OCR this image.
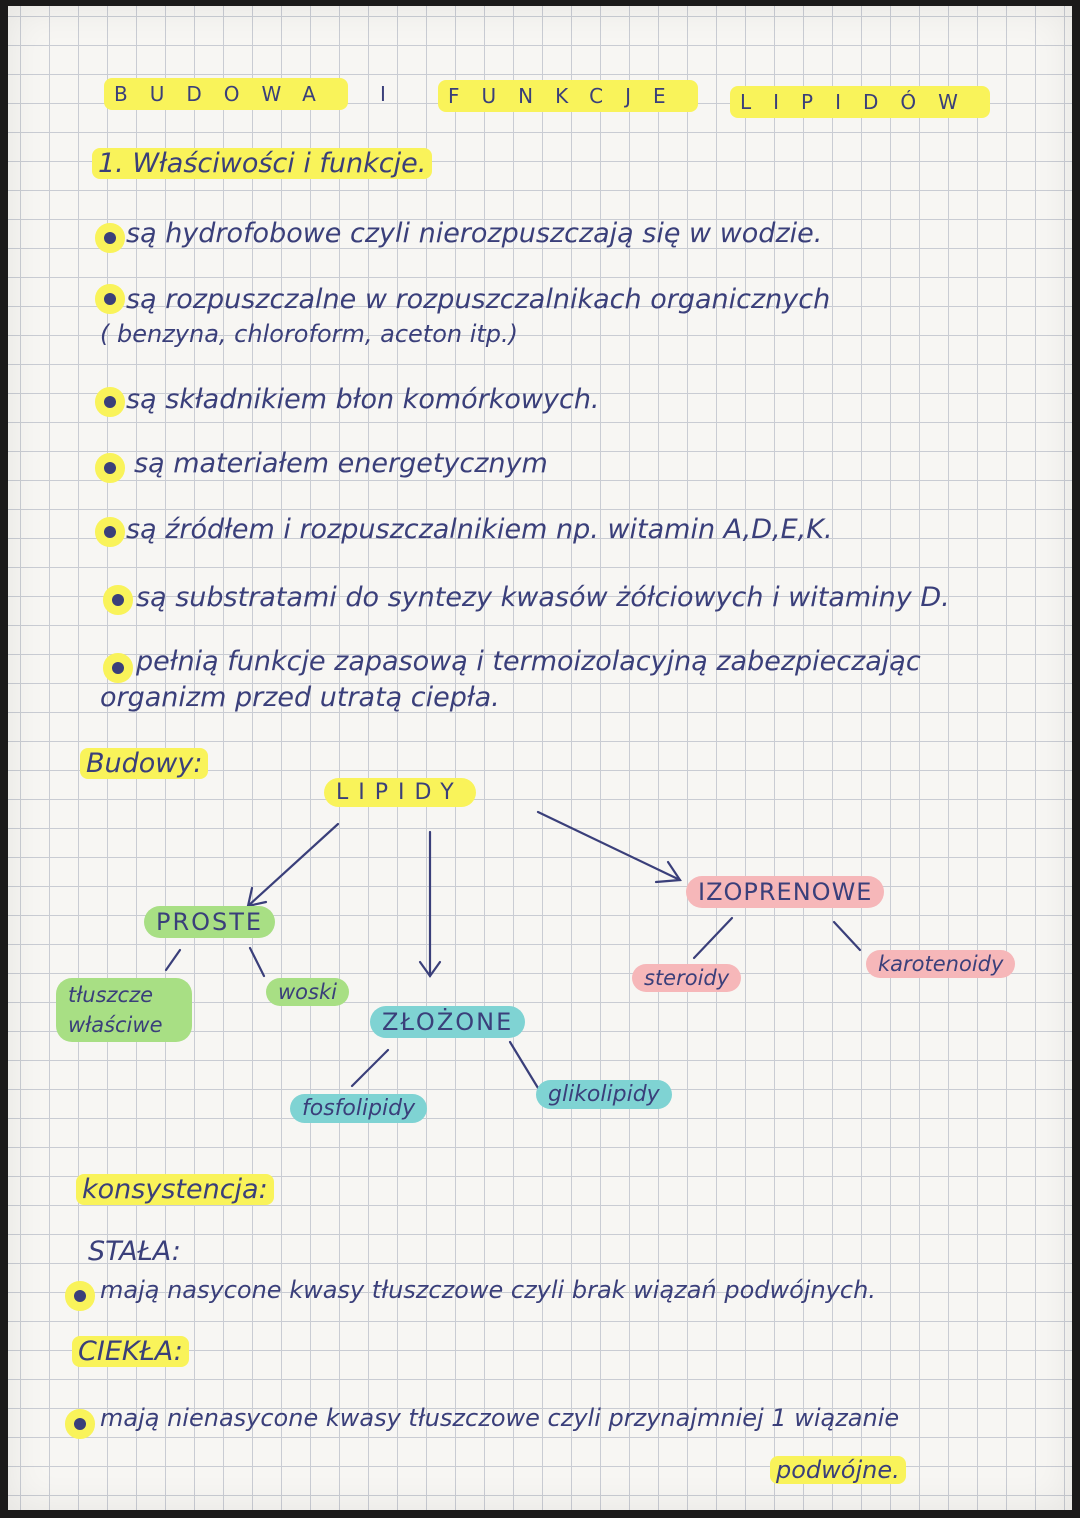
BUDOWA	I	FUNKCJE	LIPIDÓW
1. Właściwości i funkcje.
są hydrofobowe czyli nierozpuszczają się w wodzie.
są rozpuszczalne w rozpuszczalnikach organicznych
( benzyna, chloroform, aceton itp.)
są składnikiem błon komórkowych.
są materiałem energetycznym
są źródłem i rozpuszczalnikiem np. witamin A,D,E,K.
są substratami do syntezy kwasów żółciowych i witaminy D.
pełnią funkcje zapasową i termoizolacyjną zabezpieczając
organizm przed utratą ciepła.
Budowy:
LIPIDY
PROSTE
tłuszcze właściwe
woski
ZŁOŻONE
fosfolipidy
glikolipidy
IZOPRENOWE
steroidy
karotenoidy
konsystencja:
STAŁA:
mają nasycone kwasy tłuszczowe czyli brak wiązań podwójnych.
CIEKŁA:
mają nienasycone kwasy tłuszczowe czyli przynajmniej 1 wiązanie
podwójne.
